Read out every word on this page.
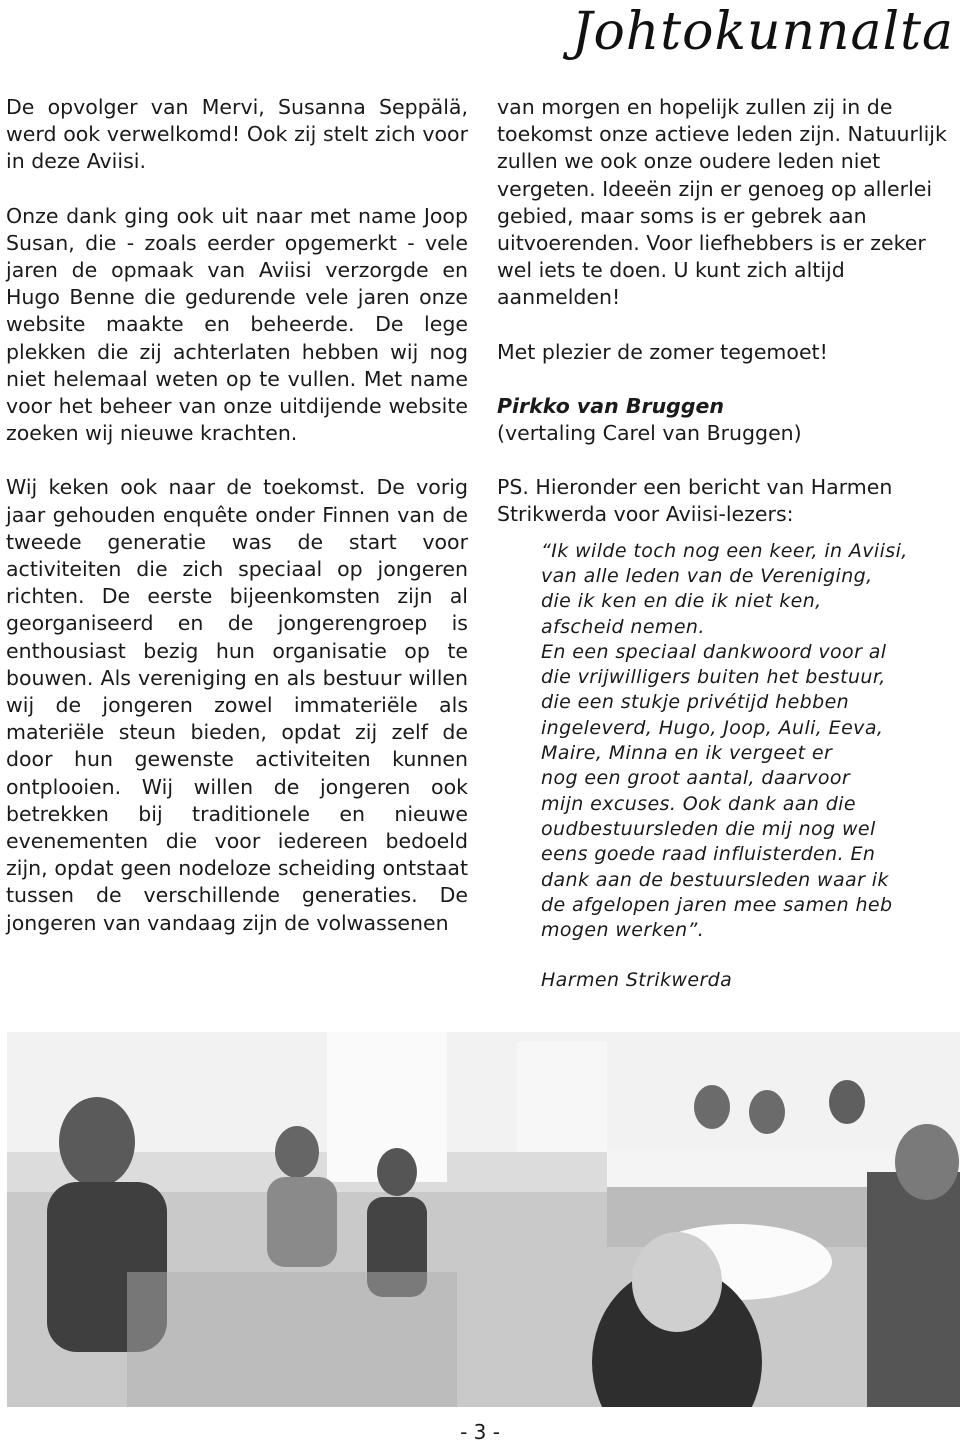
Johtokunnalta

De opvolger van Mervi, Susanna Seppälä, werd ook verwelkomd! Ook zij stelt zich voor in deze Aviisi.

Onze dank ging ook uit naar met name Joop Susan, die - zoals eerder opgemerkt - vele jaren de opmaak van Aviisi verzorgde en Hugo Benne die gedurende vele jaren onze website maakte en beheerde. De lege plekken die zij achterlaten hebben wij nog niet helemaal weten op te vullen. Met name voor het beheer van onze uitdijende website zoeken wij nieuwe krachten.

Wij keken ook naar de toekomst. De vorig jaar gehouden enquête onder Finnen van de tweede generatie was de start voor activiteiten die zich speciaal op jongeren richten. De eerste bijeenkomsten zijn al georganiseerd en de jongerengroep is enthousiast bezig hun organisatie op te bouwen. Als vereniging en als bestuur willen wij de jongeren zowel immateriële als materiële steun bieden, opdat zij zelf de door hun gewenste activiteiten kunnen ontplooien. Wij willen de jongeren ook betrekken bij traditionele en nieuwe evenementen die voor iedereen bedoeld zijn, opdat geen nodeloze scheiding ontstaat tussen de verschillende generaties. De jongeren van vandaag zijn de volwassenen

van morgen en hopelijk zullen zij in de toekomst onze actieve leden zijn. Natuurlijk zullen we ook onze oudere leden niet vergeten. Ideeën zijn er genoeg op allerlei gebied, maar soms is er gebrek aan uitvoerenden. Voor liefhebbers is er zeker wel iets te doen. U kunt zich altijd aanmelden!

Met plezier de zomer tegemoet!

Pirkko van Bruggen
(vertaling Carel van Bruggen)

PS. Hieronder een bericht van Harmen Strikwerda voor Aviisi-lezers:

“Ik wilde toch nog een keer, in Aviisi,
van alle leden van de Vereniging,
die ik ken en die ik niet ken,
afscheid nemen.
En een speciaal dankwoord voor al
die vrijwilligers buiten het bestuur,
die een stukje privétijd hebben
ingeleverd, Hugo, Joop, Auli, Eeva,
Maire, Minna en ik vergeet er
nog een groot aantal, daarvoor
mijn excuses. Ook dank aan die
oudbestuursleden die mij nog wel
eens goede raad influisterden. En
dank aan de bestuursleden waar ik
de afgelopen jaren mee samen heb
mogen werken”.
Harmen Strikwerda
- 3 -
